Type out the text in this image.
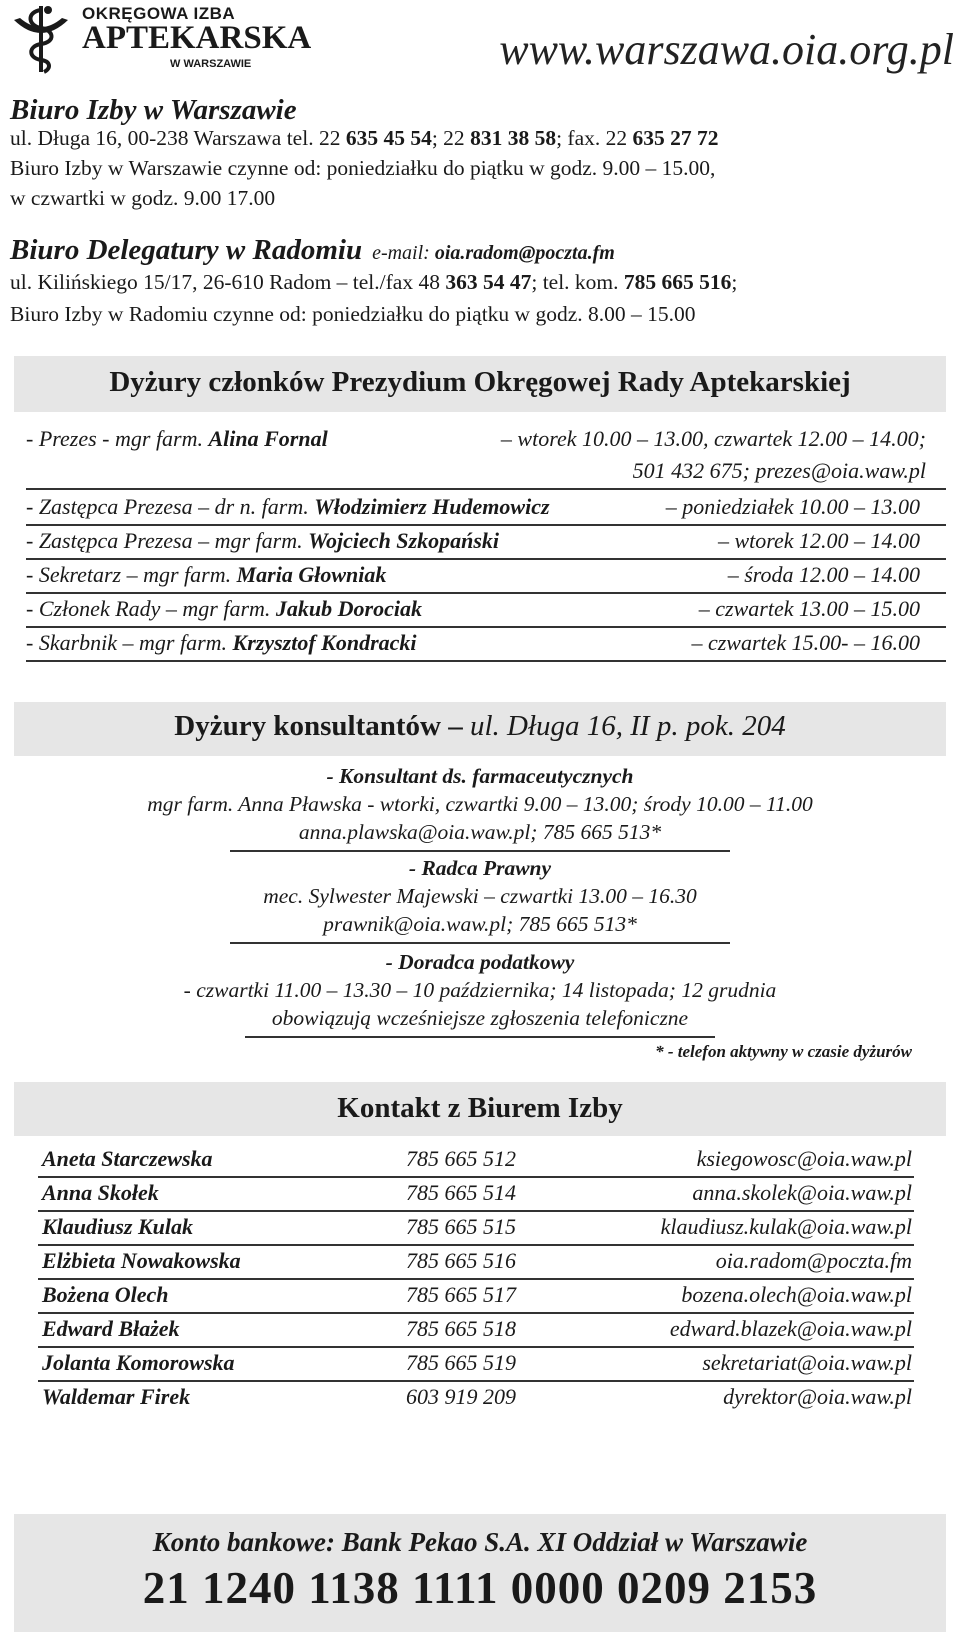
OKRĘGOWA IZBA
APTEKARSKA
W WARSZAWIE	www.warszawa.oia.org.pl
Biuro Izby w Warszawie
ul. Długa 16, 00-238 Warszawa tel. 22 635 45 54; 22 831 38 58; fax. 22 635 27 72
Biuro Izby w Warszawie czynne od: poniedziałku do piątku w godz. 9.00 – 15.00,
w czwartki w godz. 9.00 17.00
Biuro Delegatury w Radomiu e-mail: oia.radom@poczta.fm
ul. Kilińskiego 15/17, 26-610 Radom – tel./fax 48 363 54 47; tel. kom. 785 665 516;
Biuro Izby w Radomiu czynne od: poniedziałku do piątku w godz. 8.00 – 15.00
Dyżury członków Prezydium Okręgowej Rady Aptekarskiej
- Prezes - mgr farm. Alina Fornal	– wtorek 10.00 – 13.00, czwartek 12.00 – 14.00;
501 432 675; prezes@oia.waw.pl
- Zastępca Prezesa – dr n. farm. Włodzimierz Hudemowicz	– poniedziałek 10.00 – 13.00
- Zastępca Prezesa – mgr farm. Wojciech Szkopański	– wtorek 12.00 – 14.00
- Sekretarz – mgr farm. Maria Głowniak	– środa 12.00 – 14.00
- Członek Rady – mgr farm. Jakub Dorociak	– czwartek 13.00 – 15.00
- Skarbnik – mgr farm. Krzysztof Kondracki	– czwartek 15.00- – 16.00
Dyżury konsultantów – ul. Długa 16, II p. pok. 204
- Konsultant ds. farmaceutycznych
mgr farm. Anna Pławska - wtorki, czwartki 9.00 – 13.00; środy 10.00 – 11.00
anna.plawska@oia.waw.pl; 785 665 513*
- Radca Prawny
mec. Sylwester Majewski – czwartki 13.00 – 16.30
prawnik@oia.waw.pl; 785 665 513*
- Doradca podatkowy
- czwartki 11.00 – 13.30 – 10 października; 14 listopada; 12 grudnia
obowiązują wcześniejsze zgłoszenia telefoniczne
* - telefon aktywny w czasie dyżurów
Kontakt z Biurem Izby
Aneta Starczewska	785 665 512	ksiegowosc@oia.waw.pl
Anna Skołek	785 665 514	anna.skolek@oia.waw.pl
Klaudiusz Kulak	785 665 515	klaudiusz.kulak@oia.waw.pl
Elżbieta Nowakowska	785 665 516	oia.radom@poczta.fm
Bożena Olech	785 665 517	bozena.olech@oia.waw.pl
Edward Błażek	785 665 518	edward.blazek@oia.waw.pl
Jolanta Komorowska	785 665 519	sekretariat@oia.waw.pl
Waldemar Firek	603 919 209	dyrektor@oia.waw.pl
Konto bankowe: Bank Pekao S.A. XI Oddział w Warszawie
21 1240 1138 1111 0000 0209 2153
